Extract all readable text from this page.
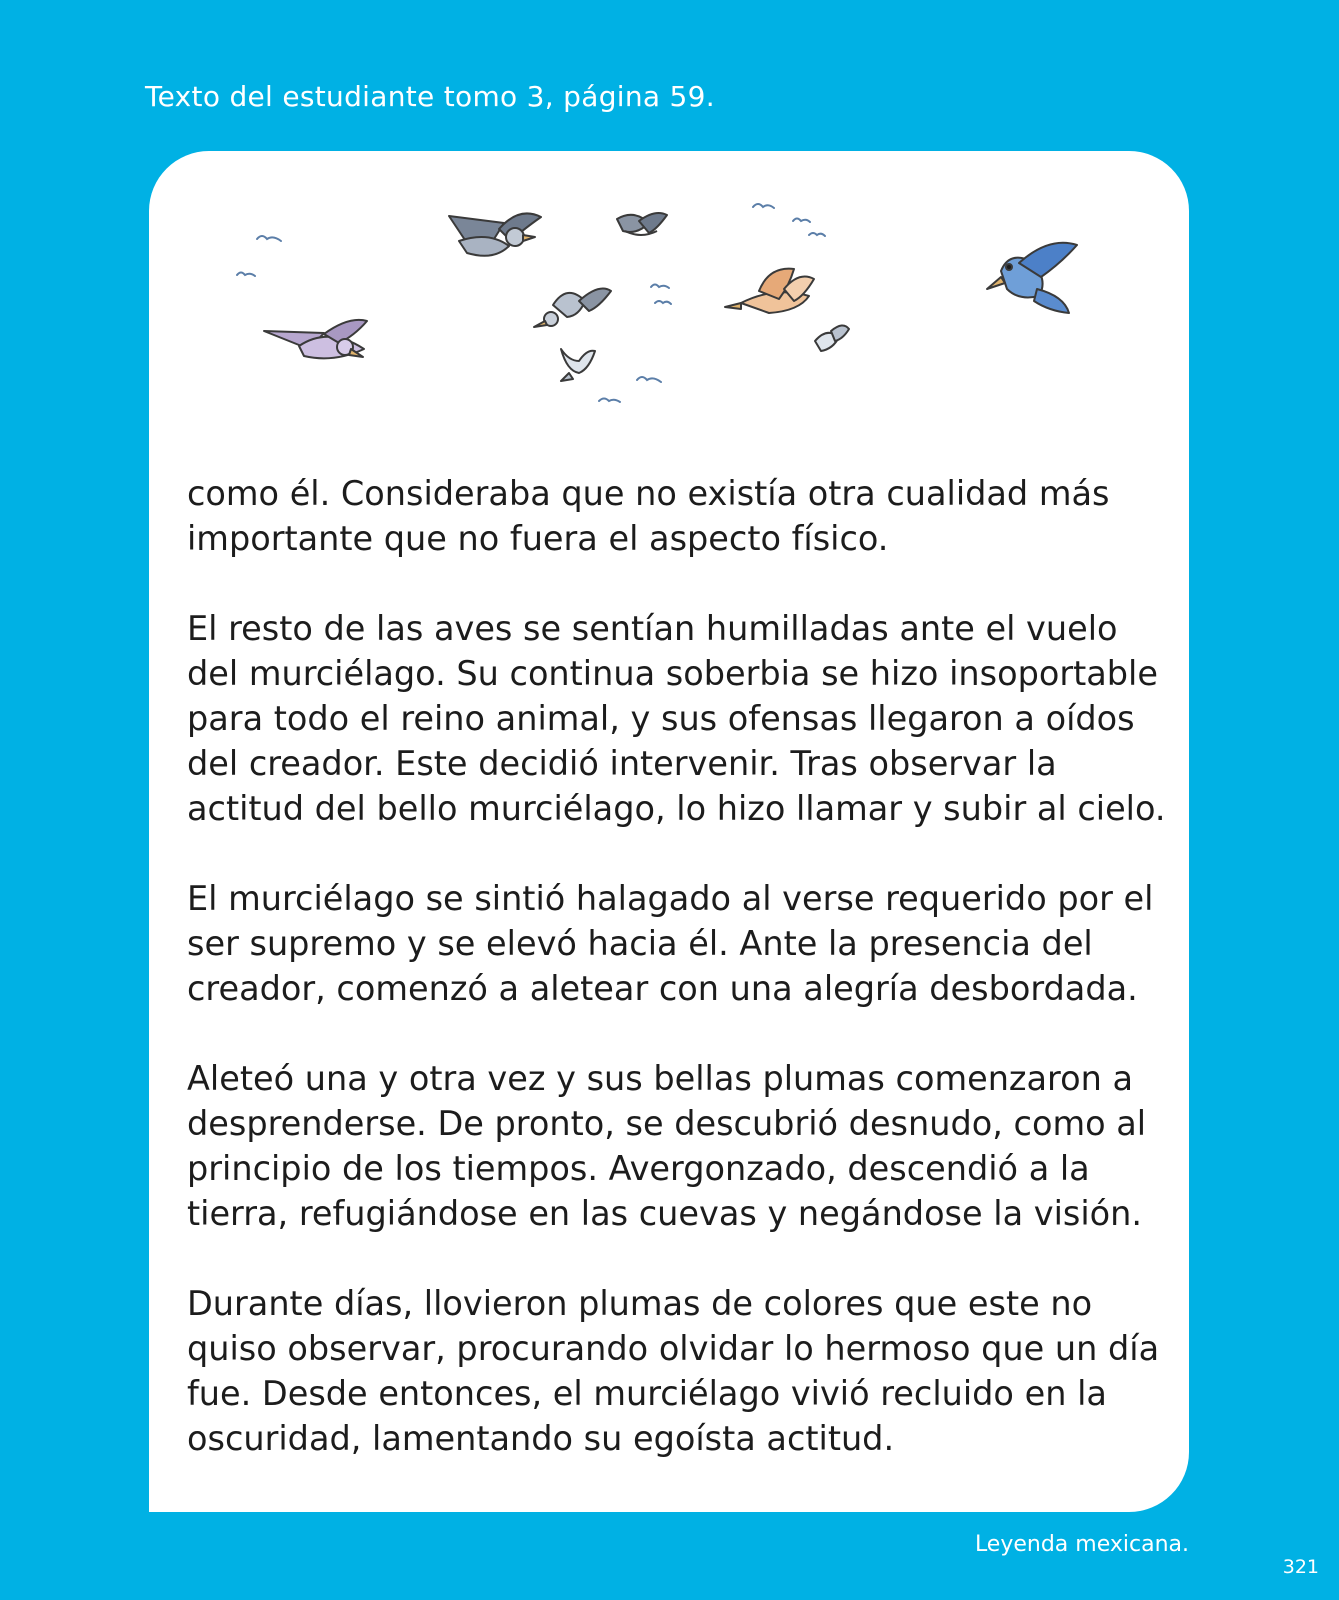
Texto del estudiante tomo 3, página 59.

como él. Consideraba que no existía otra cualidad más importante que no fuera el aspecto físico.

El resto de las aves se sentían humilladas ante el vuelo del murciélago. Su continua soberbia se hizo insoportable para todo el reino animal, y sus ofensas llegaron a oídos del creador. Este decidió intervenir. Tras observar la actitud del bello murciélago, lo hizo llamar y subir al cielo.

El murciélago se sintió halagado al verse requerido por el ser supremo y se elevó hacia él. Ante la presencia del creador, comenzó a aletear con una alegría desbordada.

Aleteó una y otra vez y sus bellas plumas comenzaron a desprenderse. De pronto, se descubrió desnudo, como al principio de los tiempos. Avergonzado, descendió a la tierra, refugiándose en las cuevas y negándose la visión.

Durante días, llovieron plumas de colores que este no quiso observar, procurando olvidar lo hermoso que un día fue. Desde entonces, el murciélago vivió recluido en la oscuridad, lamentando su egoísta actitud.

Leyenda mexicana.
321
